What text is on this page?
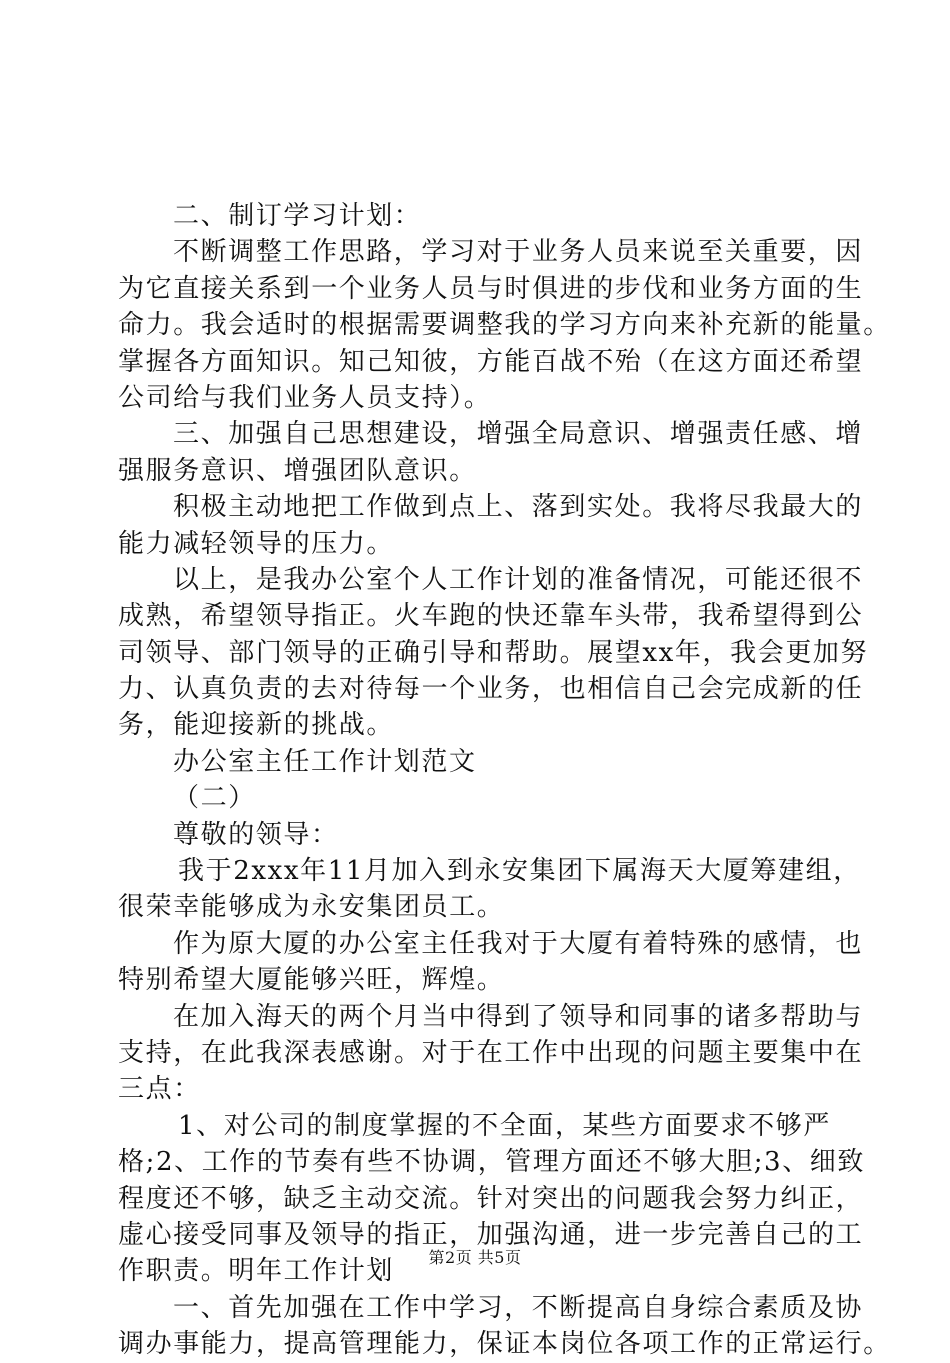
二、制订学习计划：
不断调整工作思路，学习对于业务人员来说至关重要，因
为它直接关系到一个业务人员与时俱进的步伐和业务方面的生
命力。我会适时的根据需要调整我的学习方向来补充新的能量。
掌握各方面知识。知己知彼，方能百战不殆（在这方面还希望
公司给与我们业务人员支持）。
三、加强自己思想建设，增强全局意识、增强责任感、增
强服务意识、增强团队意识。
积极主动地把工作做到点上、落到实处。我将尽我最大的
能力减轻领导的压力。
以上，是我办公室个人工作计划的准备情况，可能还很不
成熟，希望领导指正。火车跑的快还靠车头带，我希望得到公
司领导、部门领导的正确引导和帮助。展望xx年，我会更加努
力、认真负责的去对待每一个业务，也相信自己会完成新的任
务，能迎接新的挑战。
办公室主任工作计划范文
（二）
尊敬的领导：
我于2xxx年11月加入到永安集团下属海天大厦筹建组，
很荣幸能够成为永安集团员工。
作为原大厦的办公室主任我对于大厦有着特殊的感情，也
特别希望大厦能够兴旺，辉煌。
在加入海天的两个月当中得到了领导和同事的诸多帮助与
支持，在此我深表感谢。对于在工作中出现的问题主要集中在
三点：
1、对公司的制度掌握的不全面，某些方面要求不够严
格;2、工作的节奏有些不协调，管理方面还不够大胆;3、细致
程度还不够，缺乏主动交流。针对突出的问题我会努力纠正，
虚心接受同事及领导的指正，加强沟通，进一步完善自己的工
作职责。明年工作计划
一、首先加强在工作中学习，不断提高自身综合素质及协
调办事能力，提高管理能力，保证本岗位各项工作的正常运行。
第2页 共5页
